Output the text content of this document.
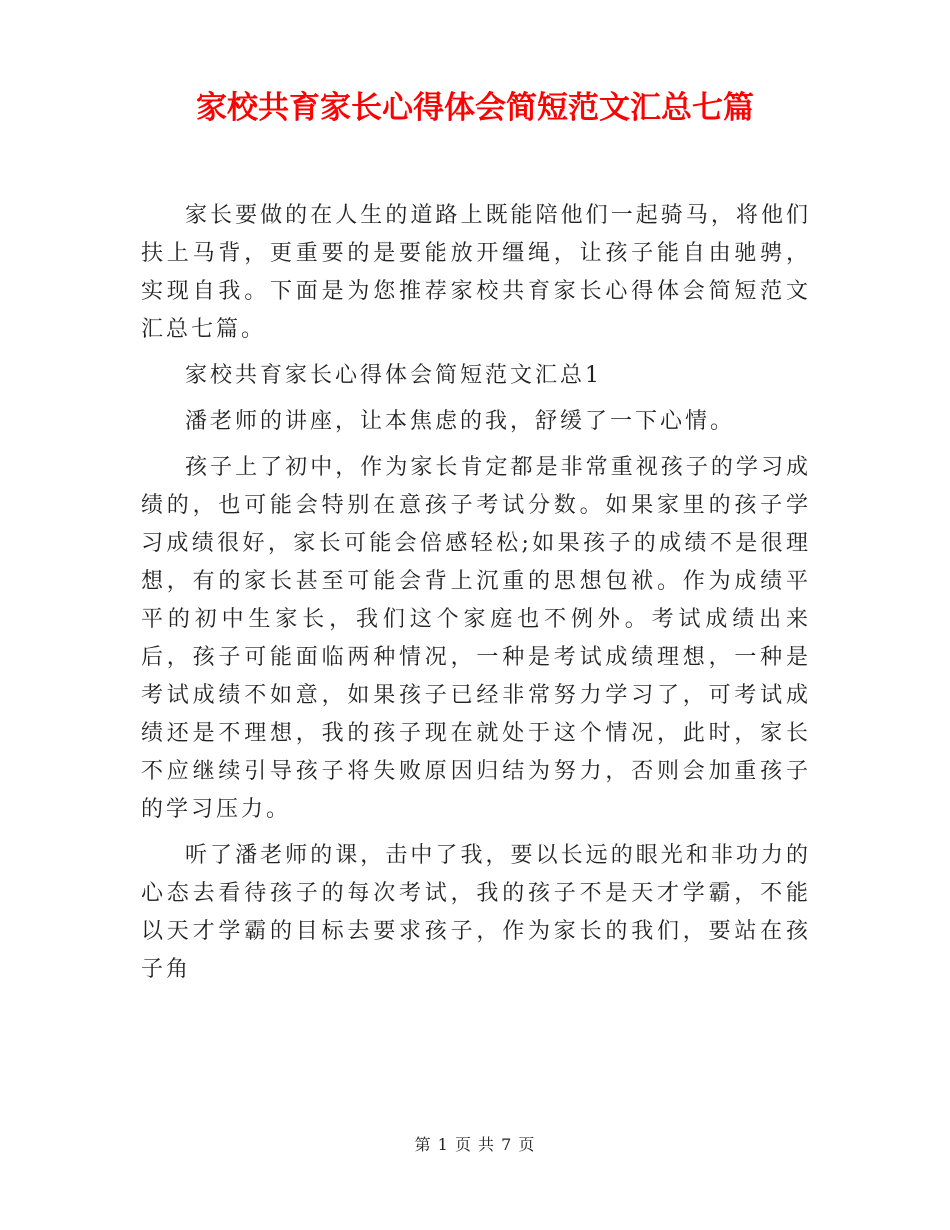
家校共育家长心得体会简短范文汇总七篇

家长要做的在人生的道路上既能陪他们一起骑马，将他们扶上马背，更重要的是要能放开缰绳，让孩子能自由驰骋，实现自我。下面是为您推荐家校共育家长心得体会简短范文汇总七篇。

家校共育家长心得体会简短范文汇总1

潘老师的讲座，让本焦虑的我，舒缓了一下心情。

孩子上了初中，作为家长肯定都是非常重视孩子的学习成绩的，也可能会特别在意孩子考试分数。如果家里的孩子学习成绩很好，家长可能会倍感轻松;如果孩子的成绩不是很理想，有的家长甚至可能会背上沉重的思想包袱。作为成绩平平的初中生家长，我们这个家庭也不例外。考试成绩出来后，孩子可能面临两种情况，一种是考试成绩理想，一种是考试成绩不如意，如果孩子已经非常努力学习了，可考试成绩还是不理想，我的孩子现在就处于这个情况，此时，家长不应继续引导孩子将失败原因归结为努力，否则会加重孩子的学习压力。

听了潘老师的课，击中了我，要以长远的眼光和非功力的心态去看待孩子的每次考试，我的孩子不是天才学霸，不能以天才学霸的目标去要求孩子，作为家长的我们，要站在孩子角

第 1 页 共 7 页
